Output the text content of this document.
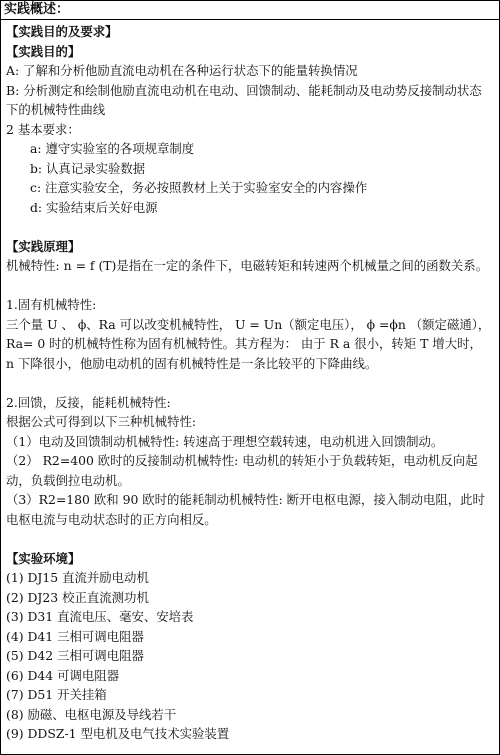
实践概述：
【实践目的及要求】
【实践目的】
A: 了解和分析他励直流电动机在各种运行状态下的能量转换情况
B: 分析测定和绘制他励直流电动机在电动、回馈制动、能耗制动及电动势反接制动状态下的机械特性曲线
2 基本要求：
a: 遵守实验室的各项规章制度
b: 认真记录实验数据
c: 注意实验安全，务必按照教材上关于实验室安全的内容操作
d: 实验结束后关好电源
【实践原理】
机械特性: n = f (T)是指在一定的条件下，电磁转矩和转速两个机械量之间的函数关系。
1.固有机械特性:
三个量 U 、 ϕ、Ra 可以改变机械特性， U = Un（额定电压）， ϕ =ϕn （额定磁通），Ra= 0 时的机械特性称为固有机械特性。其方程为： 由于 R a 很小，转矩 T 增大时， n 下降很小，他励电动机的固有机械特性是一条比较平的下降曲线。
2.回馈，反接，能耗机械特性:
根据公式可得到以下三种机械特性:
（1）电动及回馈制动机械特性: 转速高于理想空载转速，电动机进入回馈制动。
（2） R2=400 欧时的反接制动机械特性: 电动机的转矩小于负载转矩，电动机反向起动，负载倒拉电动机。
（3）R2=180 欧和 90 欧时的能耗制动机械特性: 断开电枢电源，接入制动电阻，此时电枢电流与电动状态时的正方向相反。
【实验环境】
(1) DJ15 直流并励电动机
(2) DJ23 校正直流测功机
(3) D31 直流电压、毫安、安培表
(4) D41 三相可调电阻器
(5) D42 三相可调电阻器
(6) D44 可调电阻器
(7) D51 开关挂箱
(8) 励磁、电枢电源及导线若干
(9) DDSZ-1 型电机及电气技术实验装置
